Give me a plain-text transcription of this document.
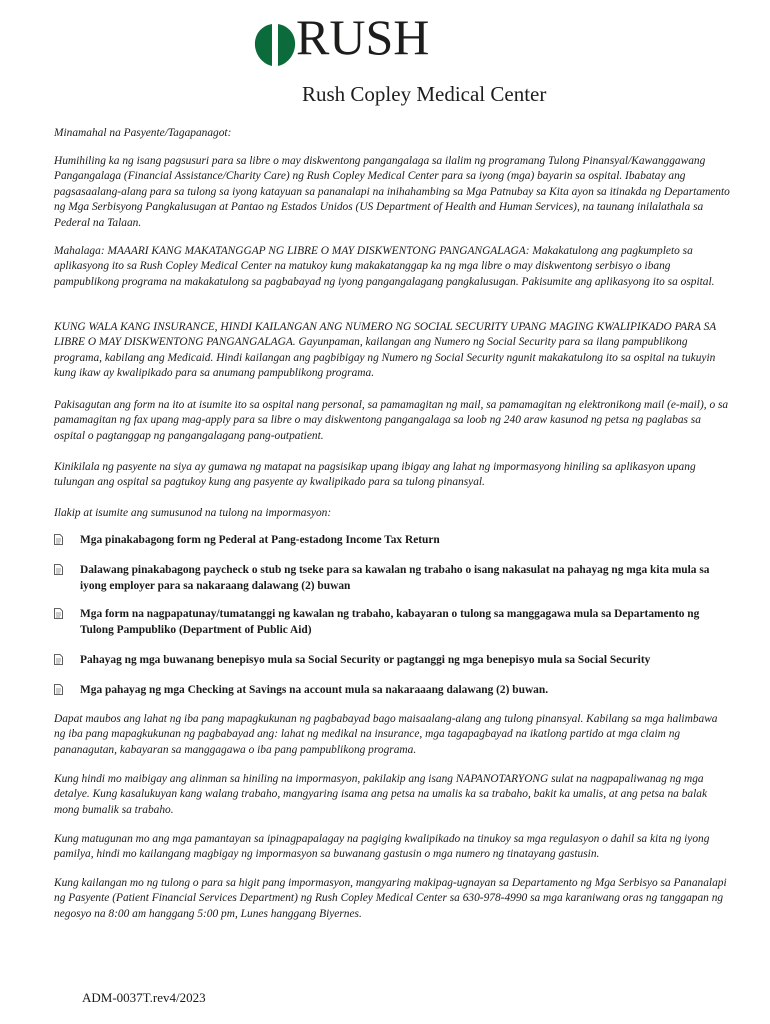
RUSH
Rush Copley Medical Center

Minamahal na Pasyente/Tagapanagot:

Humihiling ka ng isang pagsusuri para sa libre o may diskwentong pangangalaga sa ilalim ng programang Tulong Pinansyal/Kawanggawang Pangangalaga (Financial Assistance/Charity Care) ng Rush Copley Medical Center para sa iyong (mga) bayarin sa ospital. Ibabatay ang pagsasaalang-alang para sa tulong sa iyong katayuan sa pananalapi na inihahambing sa Mga Patnubay sa Kita ayon sa itinakda ng Departamento ng Mga Serbisyong Pangkalusugan at Pantao ng Estados Unidos (US Department of Health and Human Services), na taunang inilalathala sa Pederal na Talaan.

Mahalaga: MAAARI KANG MAKATANGGAP NG LIBRE O MAY DISKWENTONG PANGANGALAGA: Makakatulong ang pagkumpleto sa aplikasyong ito sa Rush Copley Medical Center na matukoy kung makakatanggap ka ng mga libre o may diskwentong serbisyo o ibang pampublikong programa na makakatulong sa pagbabayad ng iyong pangangalagang pangkalusugan. Pakisumite ang aplikasyong ito sa ospital.

KUNG WALA KANG INSURANCE, HINDI KAILANGAN ANG NUMERO NG SOCIAL SECURITY UPANG MAGING KWALIPIKADO PARA SA LIBRE O MAY DISKWENTONG PANGANGALAGA. Gayunpaman, kailangan ang Numero ng Social Security para sa ilang pampublikong programa, kabilang ang Medicaid. Hindi kailangan ang pagbibigay ng Numero ng Social Security ngunit makakatulong ito sa ospital na tukuyin kung ikaw ay kwalipikado para sa anumang pampublikong programa.

Pakisagutan ang form na ito at isumite ito sa ospital nang personal, sa pamamagitan ng mail, sa pamamagitan ng elektronikong mail (e-mail), o sa pamamagitan ng fax upang mag-apply para sa libre o may diskwentong pangangalaga sa loob ng 240 araw kasunod ng petsa ng paglabas sa ospital o pagtanggap ng pangangalagang pang-outpatient.

Kinikilala ng pasyente na siya ay gumawa ng matapat na pagsisikap upang ibigay ang lahat ng impormasyong hiniling sa aplikasyon upang tulungan ang ospital sa pagtukoy kung ang pasyente ay kwalipikado para sa tulong pinansyal.

Ilakip at isumite ang sumusunod na tulong na impormasyon:

Mga pinakabagong form ng Pederal at Pang-estadong Income Tax Return
Dalawang pinakabagong paycheck o stub ng tseke para sa kawalan ng trabaho o isang nakasulat na pahayag ng mga kita mula sa iyong employer para sa nakaraang dalawang (2) buwan
Mga form na nagpapatunay/tumatanggi ng kawalan ng trabaho, kabayaran o tulong sa manggagawa mula sa Departamento ng Tulong Pampubliko (Department of Public Aid)
Pahayag ng mga buwanang benepisyo mula sa Social Security or pagtanggi ng mga benepisyo mula sa Social Security
Mga pahayag ng mga Checking at Savings na account mula sa nakaraaang dalawang (2) buwan.

Dapat maubos ang lahat ng iba pang mapagkukunan ng pagbabayad bago maisaalang-alang ang tulong pinansyal. Kabilang sa mga halimbawa ng iba pang mapagkukunan ng pagbabayad ang: lahat ng medikal na insurance, mga tagapagbayad na ikatlong partido at mga claim ng pananagutan, kabayaran sa manggagawa o iba pang pampublikong programa.

Kung hindi mo maibigay ang alinman sa hiniling na impormasyon, pakilakip ang isang NAPANOTARYONG sulat na nagpapaliwanag ng mga detalye. Kung kasalukuyan kang walang trabaho, mangyaring isama ang petsa na umalis ka sa trabaho, bakit ka umalis, at ang petsa na balak mong bumalik sa trabaho.

Kung matugunan mo ang mga pamantayan sa ipinagpapalagay na pagiging kwalipikado na tinukoy sa mga regulasyon o dahil sa kita ng iyong pamilya, hindi mo kailangang magbigay ng impormasyon sa buwanang gastusin o mga numero ng tinatayang gastusin.

Kung kailangan mo ng tulong o para sa higit pang impormasyon, mangyaring makipag-ugnayan sa Departamento ng Mga Serbisyo sa Pananalapi ng Pasyente (Patient Financial Services Department) ng Rush Copley Medical Center sa 630-978-4990 sa mga karaniwang oras ng tanggapan ng negosyo na 8:00 am hanggang 5:00 pm, Lunes hanggang Biyernes.

ADM-0037T.rev4/2023
